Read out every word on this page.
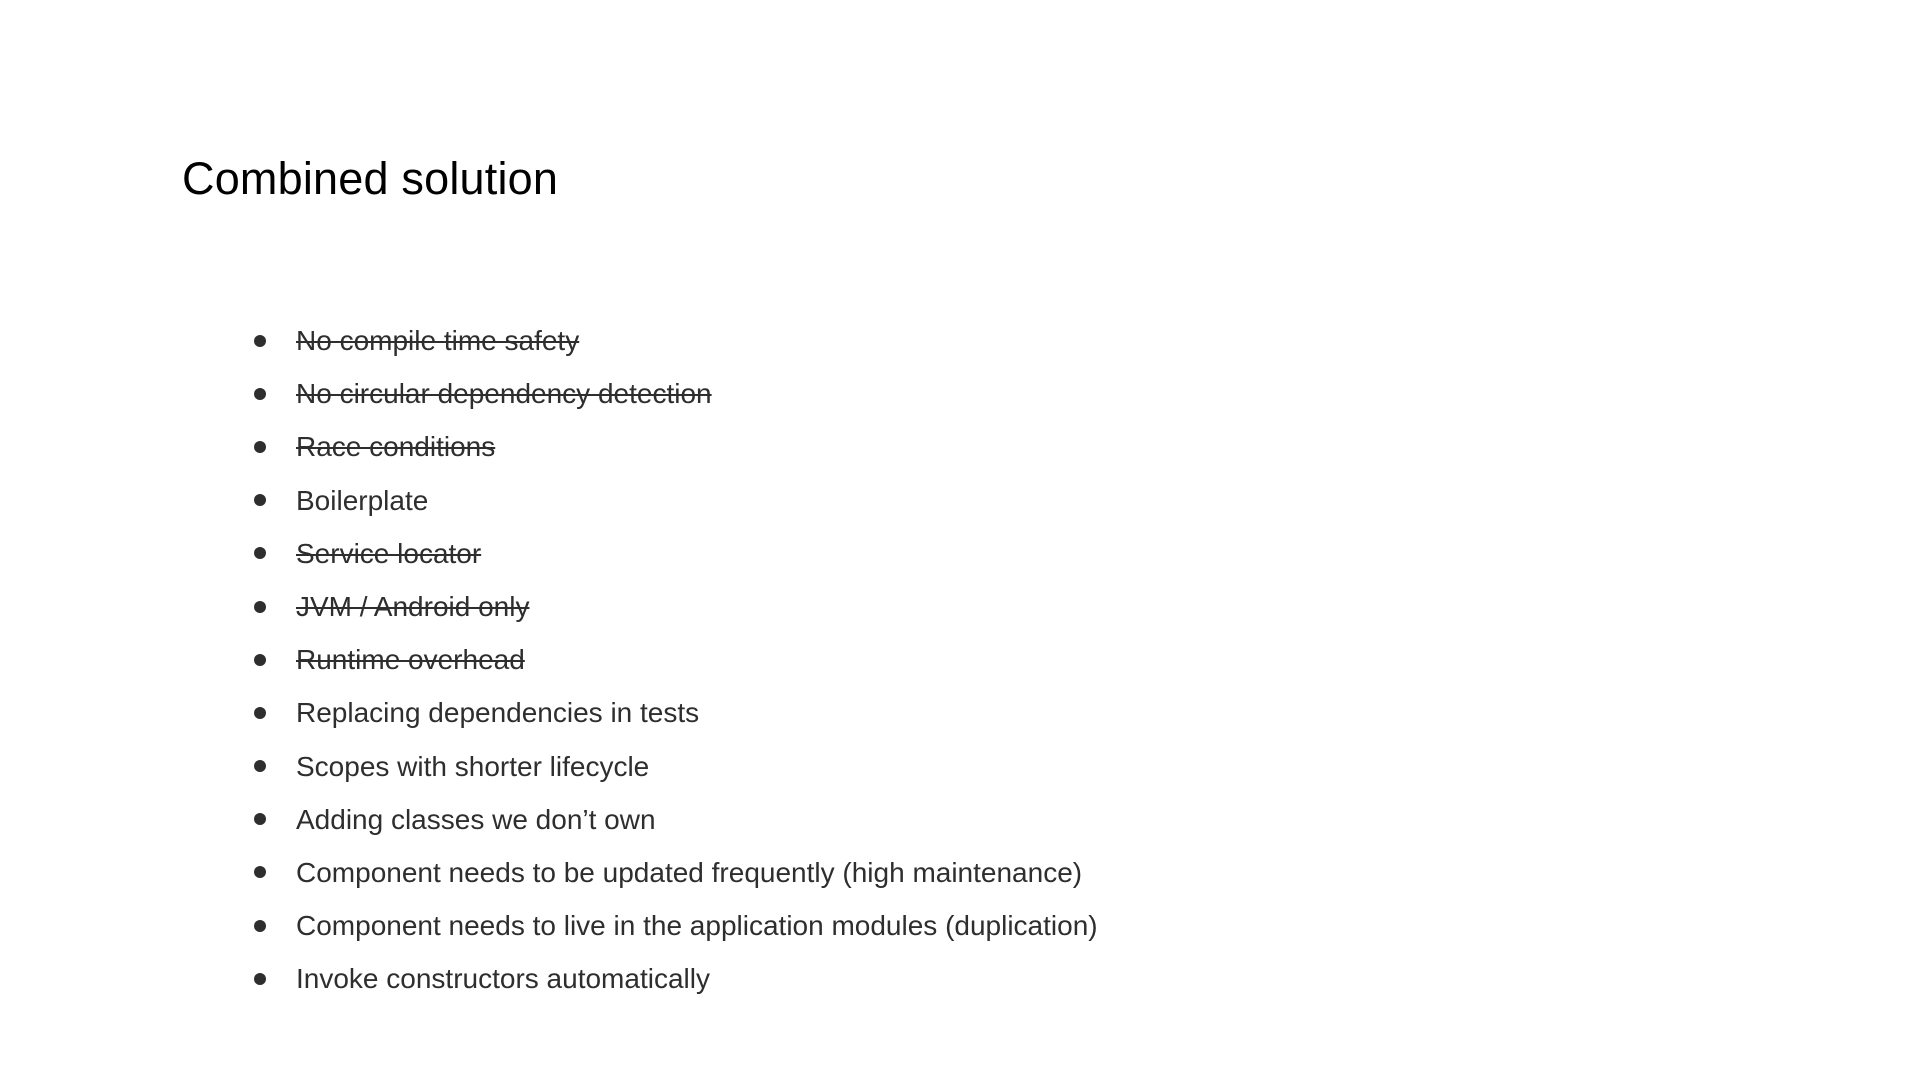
Combined solution
No compile time safety
No circular dependency detection
Race conditions
Boilerplate
Service locator
JVM / Android only
Runtime overhead
Replacing dependencies in tests
Scopes with shorter lifecycle
Adding classes we don’t own
Component needs to be updated frequently (high maintenance)
Component needs to live in the application modules (duplication)
Invoke constructors automatically
